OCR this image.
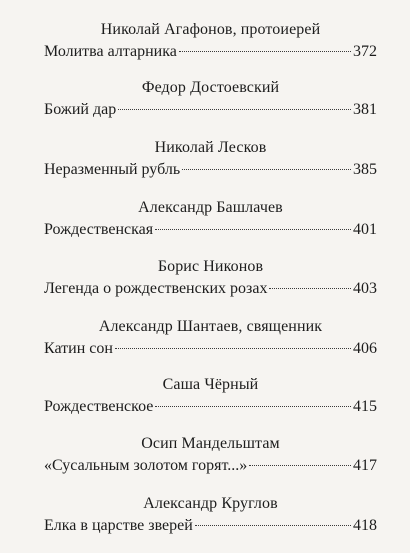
Николай Агафонов, протоиерей
Молитва алтарника	372
Федор Достоевский
Божий дар	381
Николай Лесков
Неразменный рубль	385
Александр Башлачев
Рождественская	401
Борис Никонов
Легенда о рождественских розах	403
Александр Шантаев, священник
Катин сон	406
Саша Чёрный
Рождественское	415
Осип Мандельштам
«Сусальным золотом горят...»	417
Александр Круглов
Елка в царстве зверей	418
